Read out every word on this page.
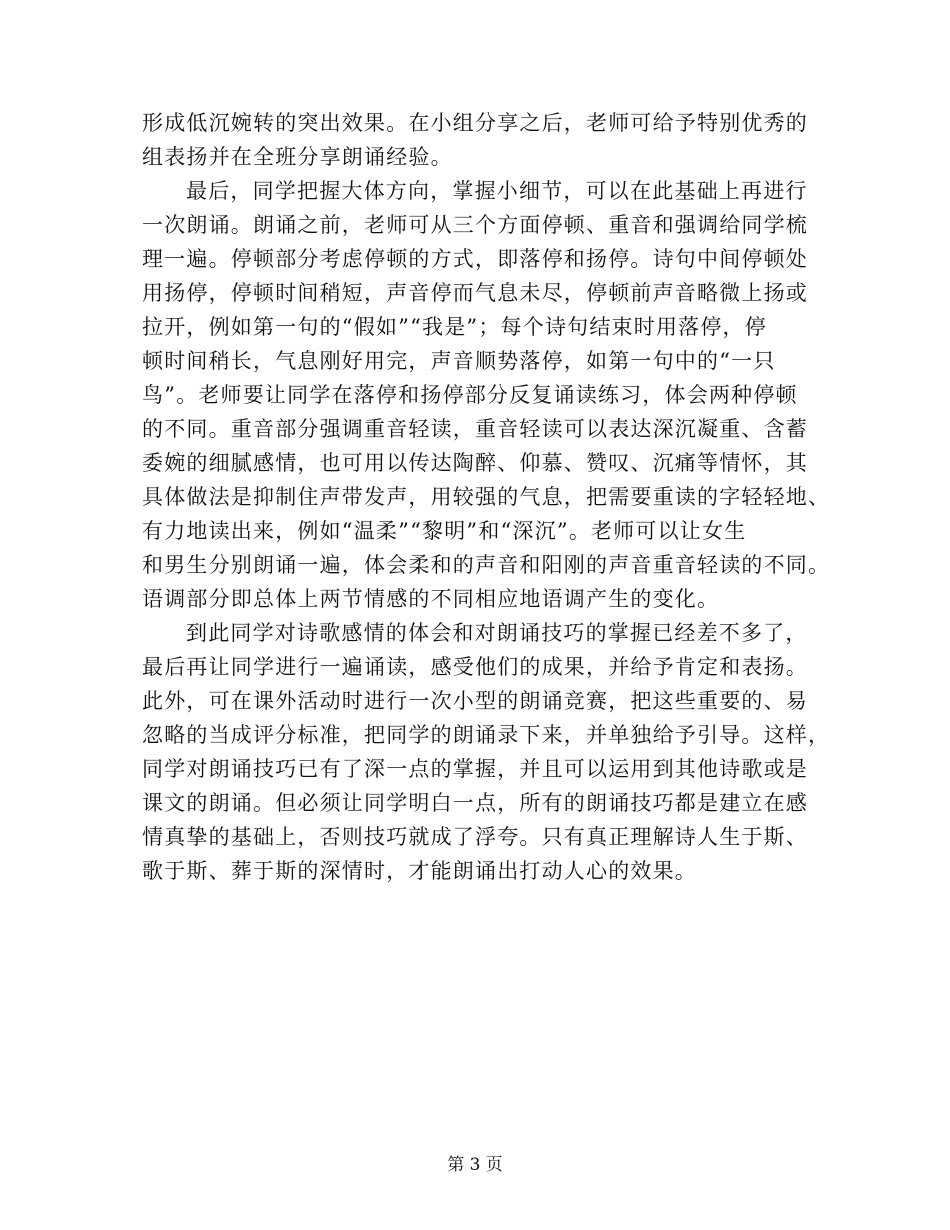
形成低沉婉转的突出效果。在小组分享之后，老师可给予特别优秀的
组表扬并在全班分享朗诵经验。
最后，同学把握大体方向，掌握小细节，可以在此基础上再进行
一次朗诵。朗诵之前，老师可从三个方面停顿、重音和强调给同学梳
理一遍。停顿部分考虑停顿的方式，即落停和扬停。诗句中间停顿处
用扬停，停顿时间稍短，声音停而气息未尽，停顿前声音略微上扬或
拉开，例如第一句的“假如”“我是”；每个诗句结束时用落停，停
顿时间稍长，气息刚好用完，声音顺势落停，如第一句中的“一只
鸟”。老师要让同学在落停和扬停部分反复诵读练习，体会两种停顿
的不同。重音部分强调重音轻读，重音轻读可以表达深沉凝重、含蓄
委婉的细腻感情，也可用以传达陶醉、仰慕、赞叹、沉痛等情怀，其
具体做法是抑制住声带发声，用较强的气息，把需要重读的字轻轻地、
有力地读出来，例如“温柔”“黎明”和“深沉”。老师可以让女生
和男生分别朗诵一遍，体会柔和的声音和阳刚的声音重音轻读的不同。
语调部分即总体上两节情感的不同相应地语调产生的变化。
到此同学对诗歌感情的体会和对朗诵技巧的掌握已经差不多了，
最后再让同学进行一遍诵读，感受他们的成果，并给予肯定和表扬。
此外，可在课外活动时进行一次小型的朗诵竞赛，把这些重要的、易
忽略的当成评分标准，把同学的朗诵录下来，并单独给予引导。这样，
同学对朗诵技巧已有了深一点的掌握，并且可以运用到其他诗歌或是
课文的朗诵。但必须让同学明白一点，所有的朗诵技巧都是建立在感
情真挚的基础上，否则技巧就成了浮夸。只有真正理解诗人生于斯、
歌于斯、葬于斯的深情时，才能朗诵出打动人心的效果。
第 3 页
